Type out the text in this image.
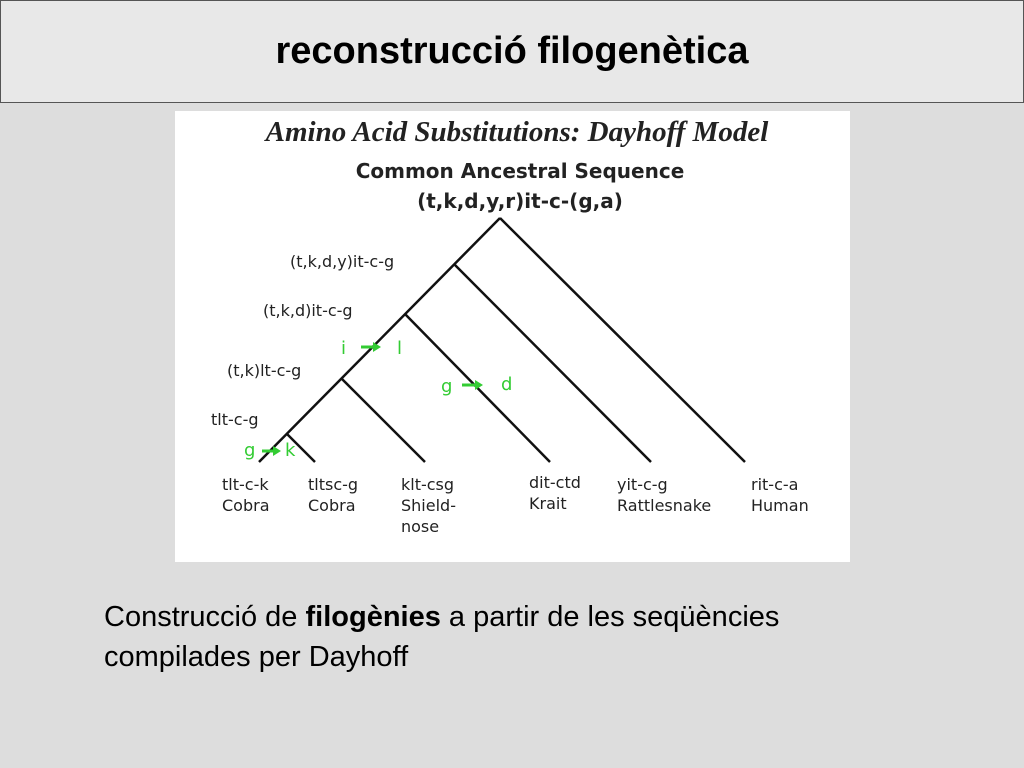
reconstrucció filogenètica
Amino Acid Substitutions: Dayhoff Model
Common Ancestral Sequence
(t,k,d,y,r)it-c-(g,a)
(t,k,d,y)it-c-g
(t,k,d)it-c-g
(t,k)lt-c-g
tlt-c-g
i	l
g	d
g k
tlt-c-k
Cobra
tltsc-g
Cobra
klt-csg
Shield-
nose
dit-ctd
Krait
yit-c-g
Rattlesnake
rit-c-a
Human
Construcció de filogènies a partir de les seqüències compilades per Dayhoff
